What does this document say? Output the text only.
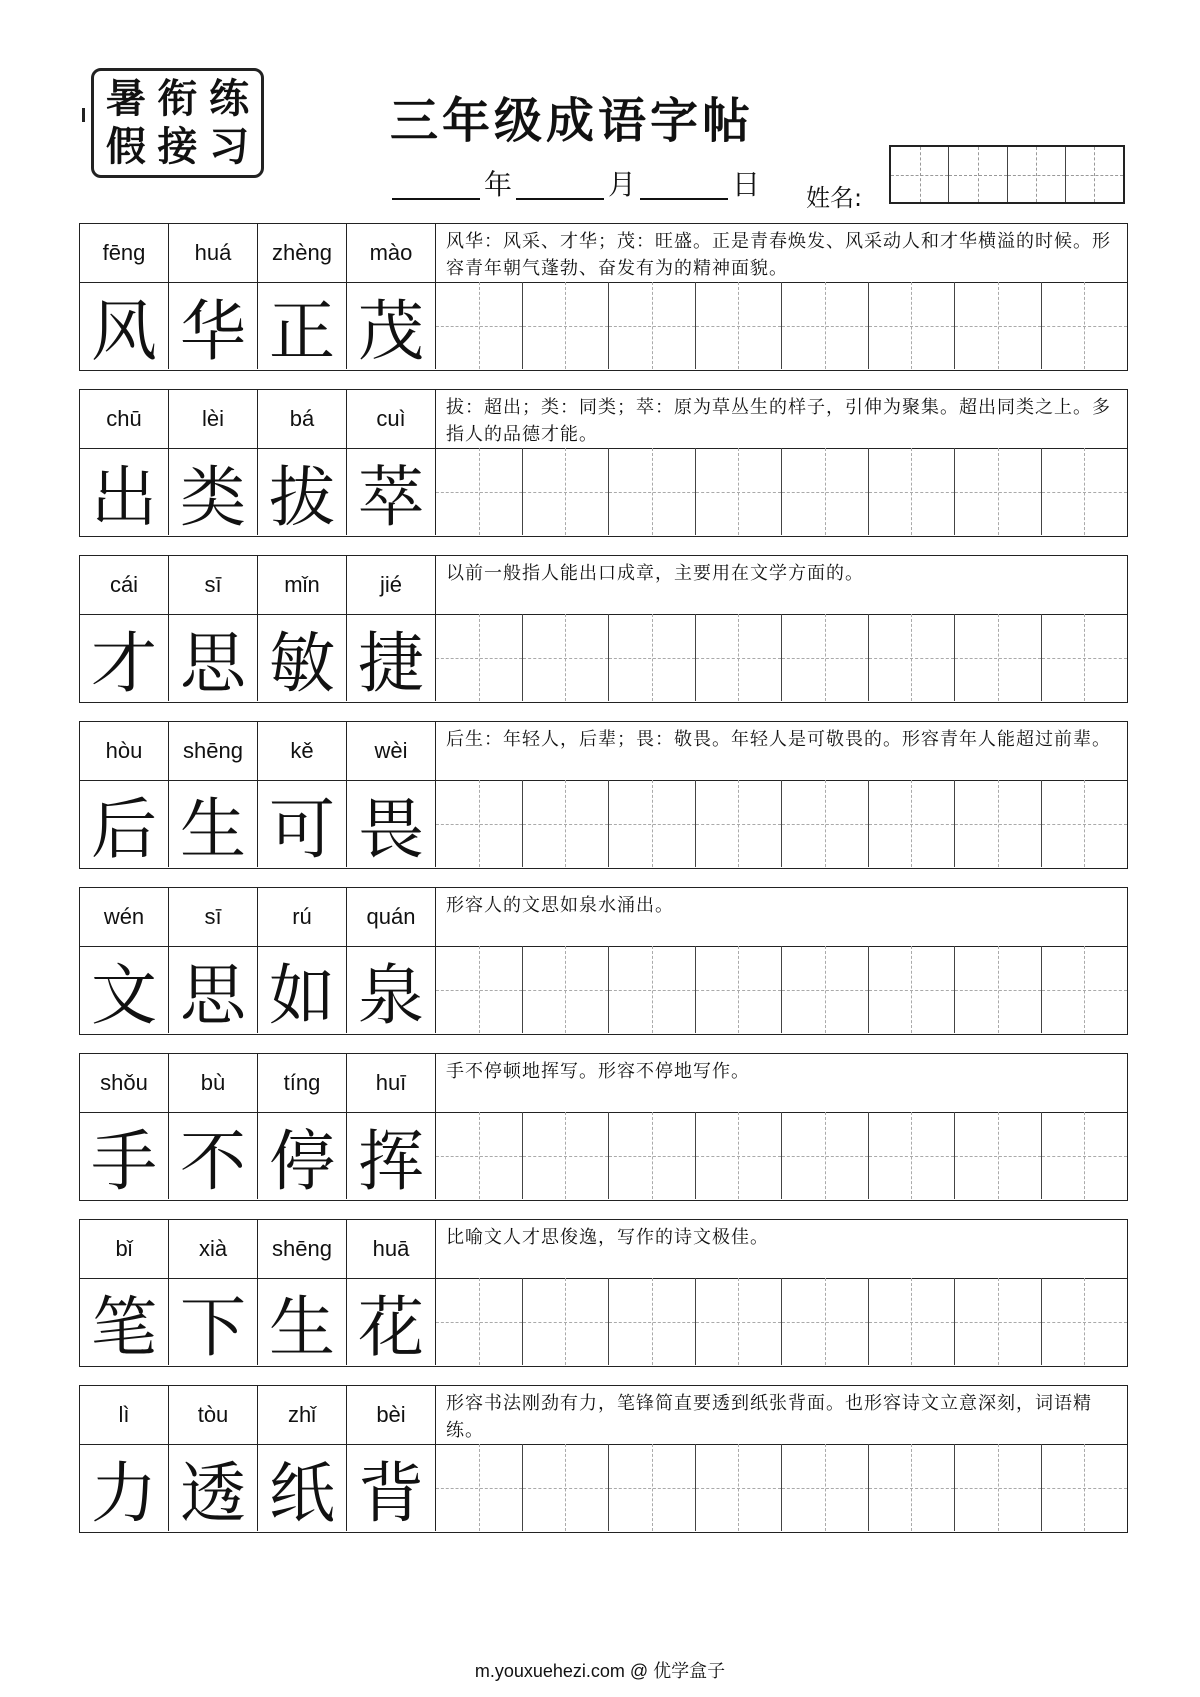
暑 衔 练
假 接 习	三年级成语字帖
年	月	日 姓名:
fēng	huá	zhèng	mào	风华：风采、才华；茂：旺盛。正是青春焕发、风采动人和才华横溢的时候。形容青年朝气蓬勃、奋发有为的精神面貌。
风 华 正 茂
chū	lèi	bá	cuì	拔：超出；类：同类；萃：原为草丛生的样子，引伸为聚集。超出同类之上。多指人的品德才能。
出 类 拔 萃
cái	sī	mǐn	jié	以前一般指人能出口成章，主要用在文学方面的。
才 思 敏 捷
hòu	shēng	kě	wèi	后生：年轻人，后辈；畏：敬畏。年轻人是可敬畏的。形容青年人能超过前辈。
后 生 可 畏
wén	sī	rú	quán	形容人的文思如泉水涌出。
文 思 如 泉
shǒu	bù	tíng	huī	手不停顿地挥写。形容不停地写作。
手 不 停 挥
bǐ	xià	shēng	huā	比喻文人才思俊逸，写作的诗文极佳。
笔 下 生 花
lì	tòu	zhǐ	bèi	形容书法刚劲有力，笔锋简直要透到纸张背面。也形容诗文立意深刻，词语精练。
力 透 纸 背
m.youxuehezi.com @ 优学盒子
